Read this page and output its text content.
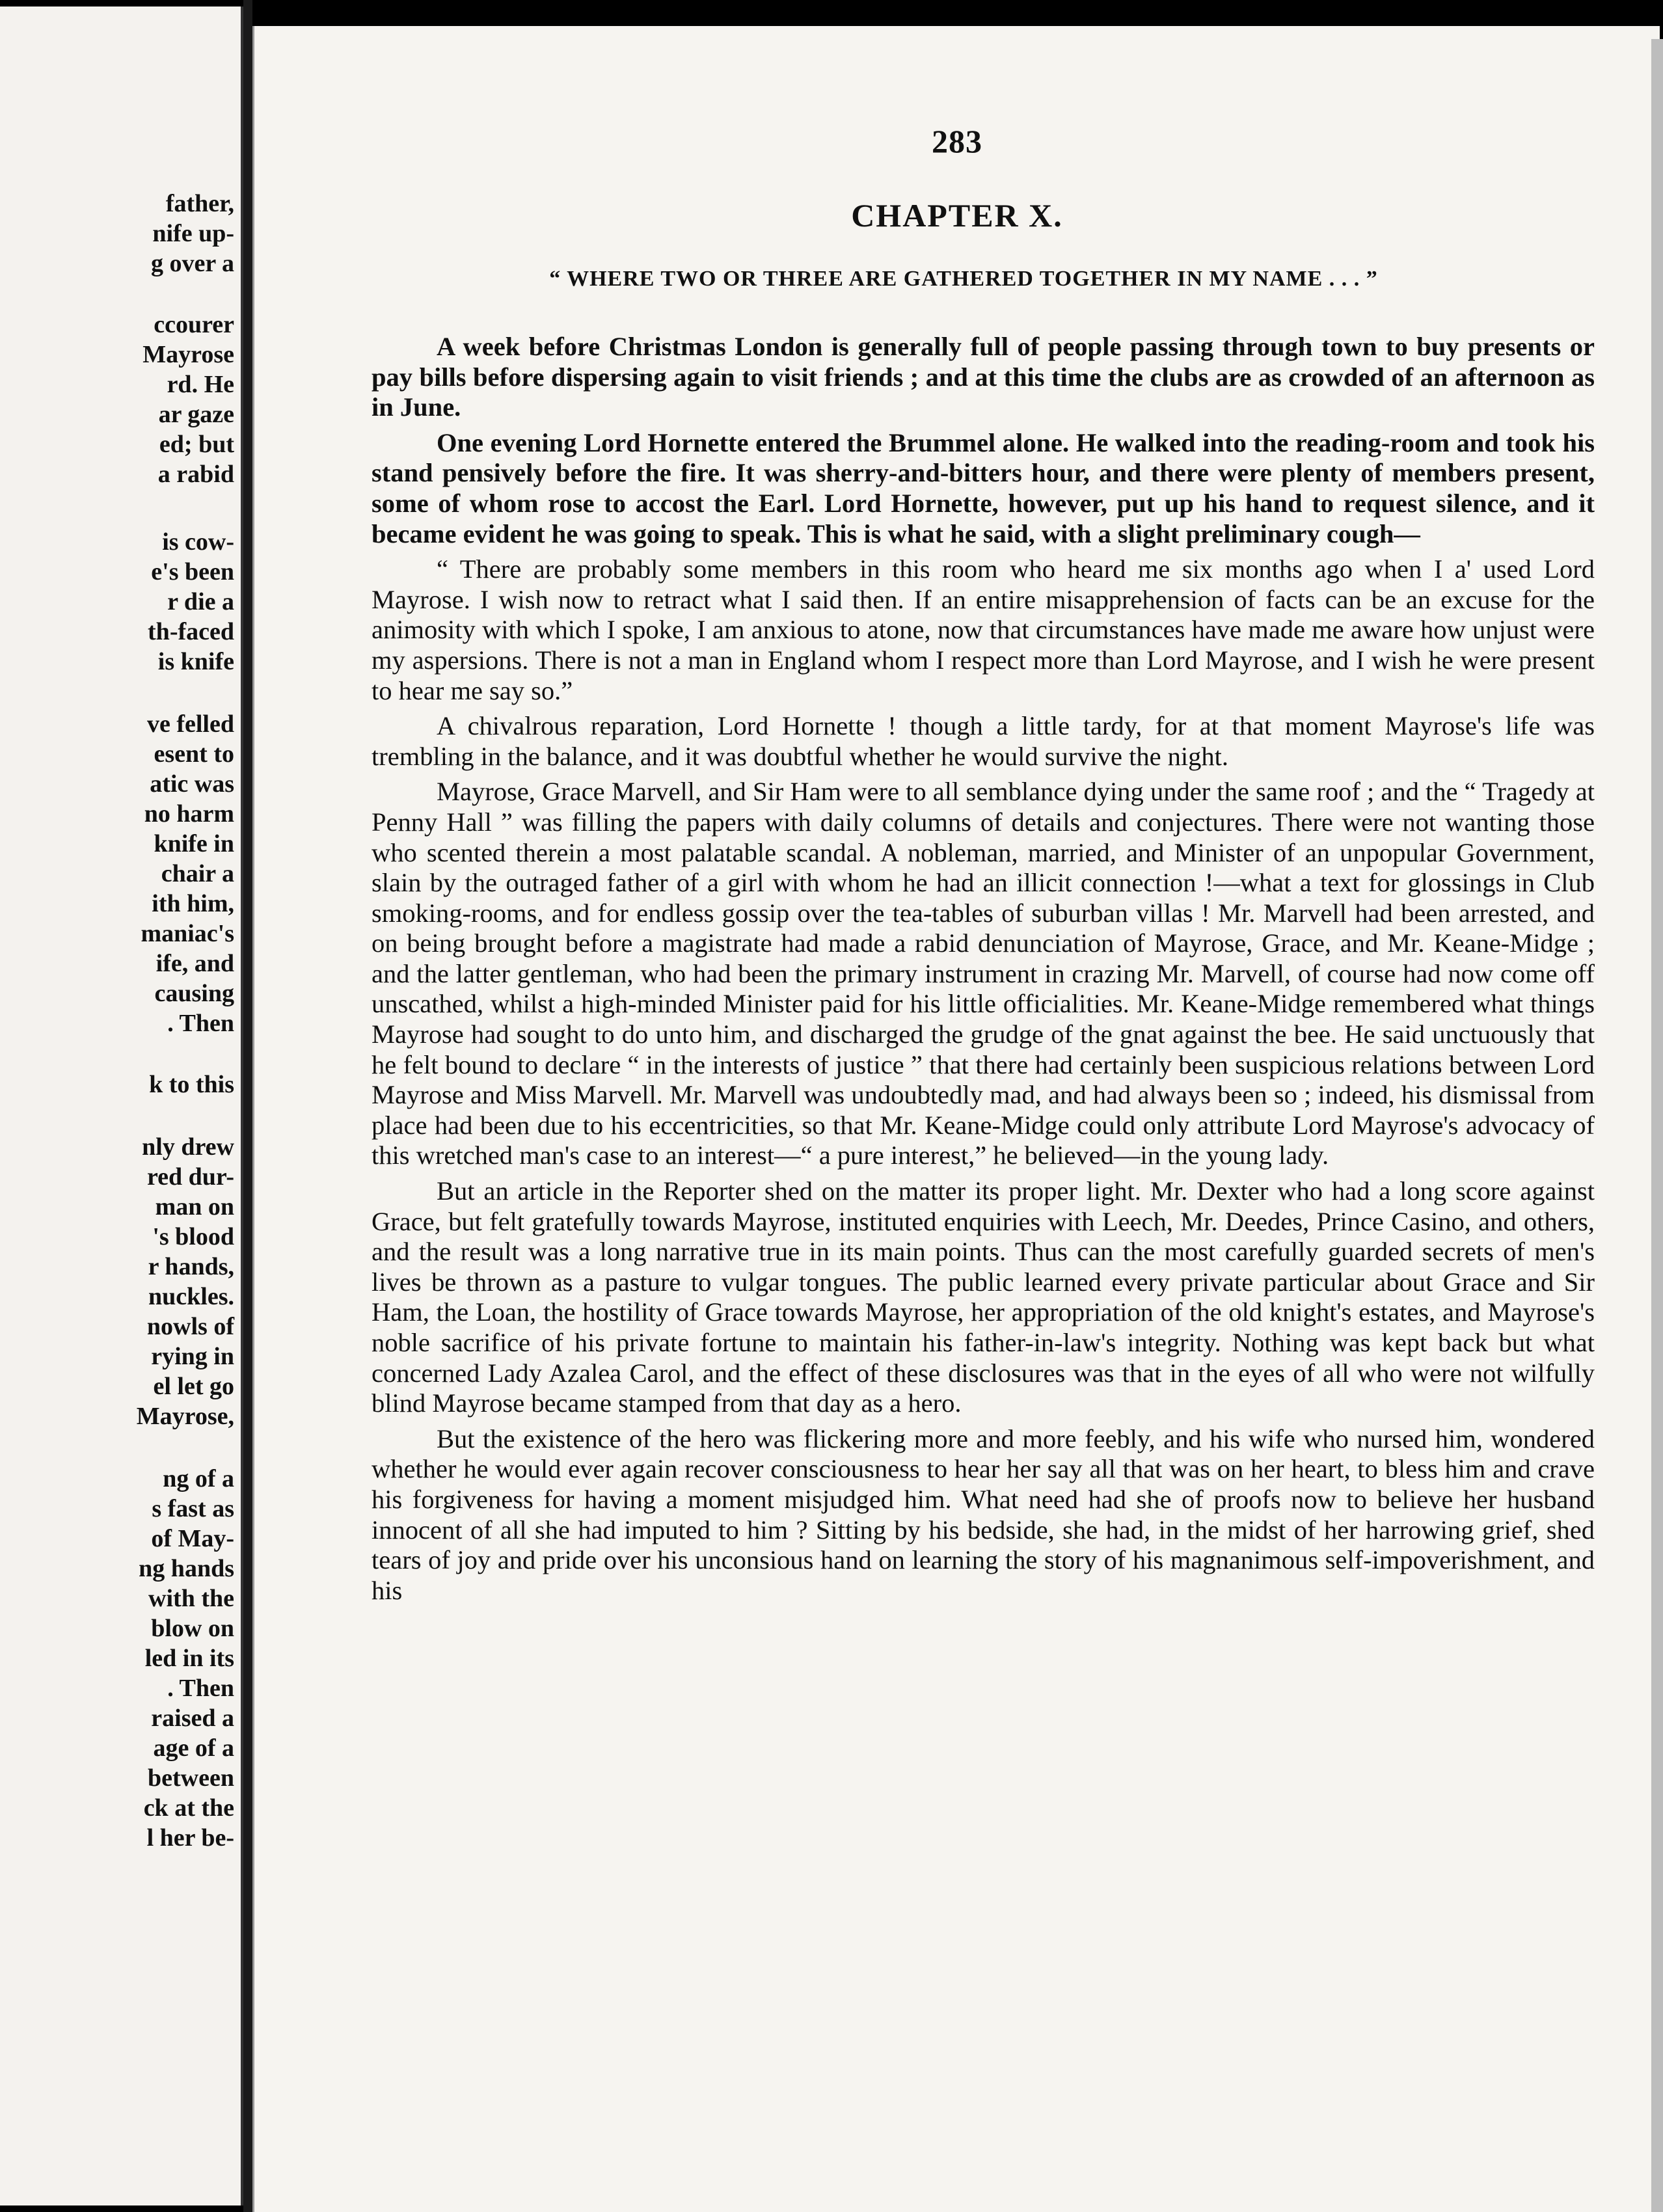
father,
nife up-
g over a
ccourer
Mayrose
rd. He
ar gaze
ed; but
a rabid
is cow-
e's been
r die a
th-faced
is knife
ve felled
esent to
atic was
no harm
knife in
chair a
ith him,
maniac's
ife, and
causing
. Then
k to this
nly drew
red dur-
man on
's blood
r hands,
nuckles.
nowls of
rying in
el let go
Mayrose,
ng of a
s fast as
of May-
ng hands
with the
blow on
led in its
. Then
raised a
age of a
between
ck at the
l her be-
283
CHAPTER X.
“ WHERE TWO OR THREE ARE GATHERED TOGETHER IN MY NAME . . . ”

A week before Christmas London is generally full of people passing through town to buy presents or pay bills before dispersing again to visit friends ; and at this time the clubs are as crowded of an afternoon as in June.

One evening Lord Hornette entered the Brummel alone. He walked into the reading-room and took his stand pensively before the fire. It was sherry-and-bitters hour, and there were plenty of members present, some of whom rose to accost the Earl. Lord Hornette, however, put up his hand to request silence, and it became evident he was going to speak. This is what he said, with a slight preliminary cough—

“ There are probably some members in this room who heard me six months ago when I a' used Lord Mayrose. I wish now to retract what I said then. If an entire misapprehension of facts can be an excuse for the animosity with which I spoke, I am anxious to atone, now that circumstances have made me aware how unjust were my aspersions. There is not a man in England whom I respect more than Lord Mayrose, and I wish he were present to hear me say so.”

A chivalrous reparation, Lord Hornette ! though a little tardy, for at that moment Mayrose's life was trembling in the balance, and it was doubtful whether he would survive the night.

Mayrose, Grace Marvell, and Sir Ham were to all semblance dying under the same roof ; and the “ Tragedy at Penny Hall ” was filling the papers with daily columns of details and conjectures. There were not wanting those who scented therein a most palatable scandal. A nobleman, married, and Minister of an unpopular Government, slain by the outraged father of a girl with whom he had an illicit connection !—what a text for glossings in Club smoking-rooms, and for endless gossip over the tea-tables of suburban villas ! Mr. Marvell had been arrested, and on being brought before a magistrate had made a rabid denunciation of Mayrose, Grace, and Mr. Keane-Midge ; and the latter gentleman, who had been the primary instrument in crazing Mr. Marvell, of course had now come off unscathed, whilst a high-minded Minister paid for his little officialities. Mr. Keane-Midge remembered what things Mayrose had sought to do unto him, and discharged the grudge of the gnat against the bee. He said unctuously that he felt bound to declare “ in the interests of justice ” that there had certainly been suspicious relations between Lord Mayrose and Miss Marvell. Mr. Marvell was undoubtedly mad, and had always been so ; indeed, his dismissal from place had been due to his eccentricities, so that Mr. Keane-Midge could only attribute Lord Mayrose's advocacy of this wretched man's case to an interest—“ a pure interest,” he believed—in the young lady.

But an article in the Reporter shed on the matter its proper light. Mr. Dexter who had a long score against Grace, but felt gratefully towards Mayrose, instituted enquiries with Leech, Mr. Deedes, Prince Casino, and others, and the result was a long narrative true in its main points. Thus can the most carefully guarded secrets of men's lives be thrown as a pasture to vulgar tongues. The public learned every private particular about Grace and Sir Ham, the Loan, the hostility of Grace towards Mayrose, her appropriation of the old knight's estates, and Mayrose's noble sacrifice of his private fortune to maintain his father-in-law's integrity. Nothing was kept back but what concerned Lady Azalea Carol, and the effect of these disclosures was that in the eyes of all who were not wilfully blind Mayrose became stamped from that day as a hero.

But the existence of the hero was flickering more and more feebly, and his wife who nursed him, wondered whether he would ever again recover consciousness to hear her say all that was on her heart, to bless him and crave his forgiveness for having a moment misjudged him. What need had she of proofs now to believe her husband innocent of all she had imputed to him ? Sitting by his bedside, she had, in the midst of her harrowing grief, shed tears of joy and pride over his unconsious hand on learning the story of his magnanimous self-impoverishment, and his
